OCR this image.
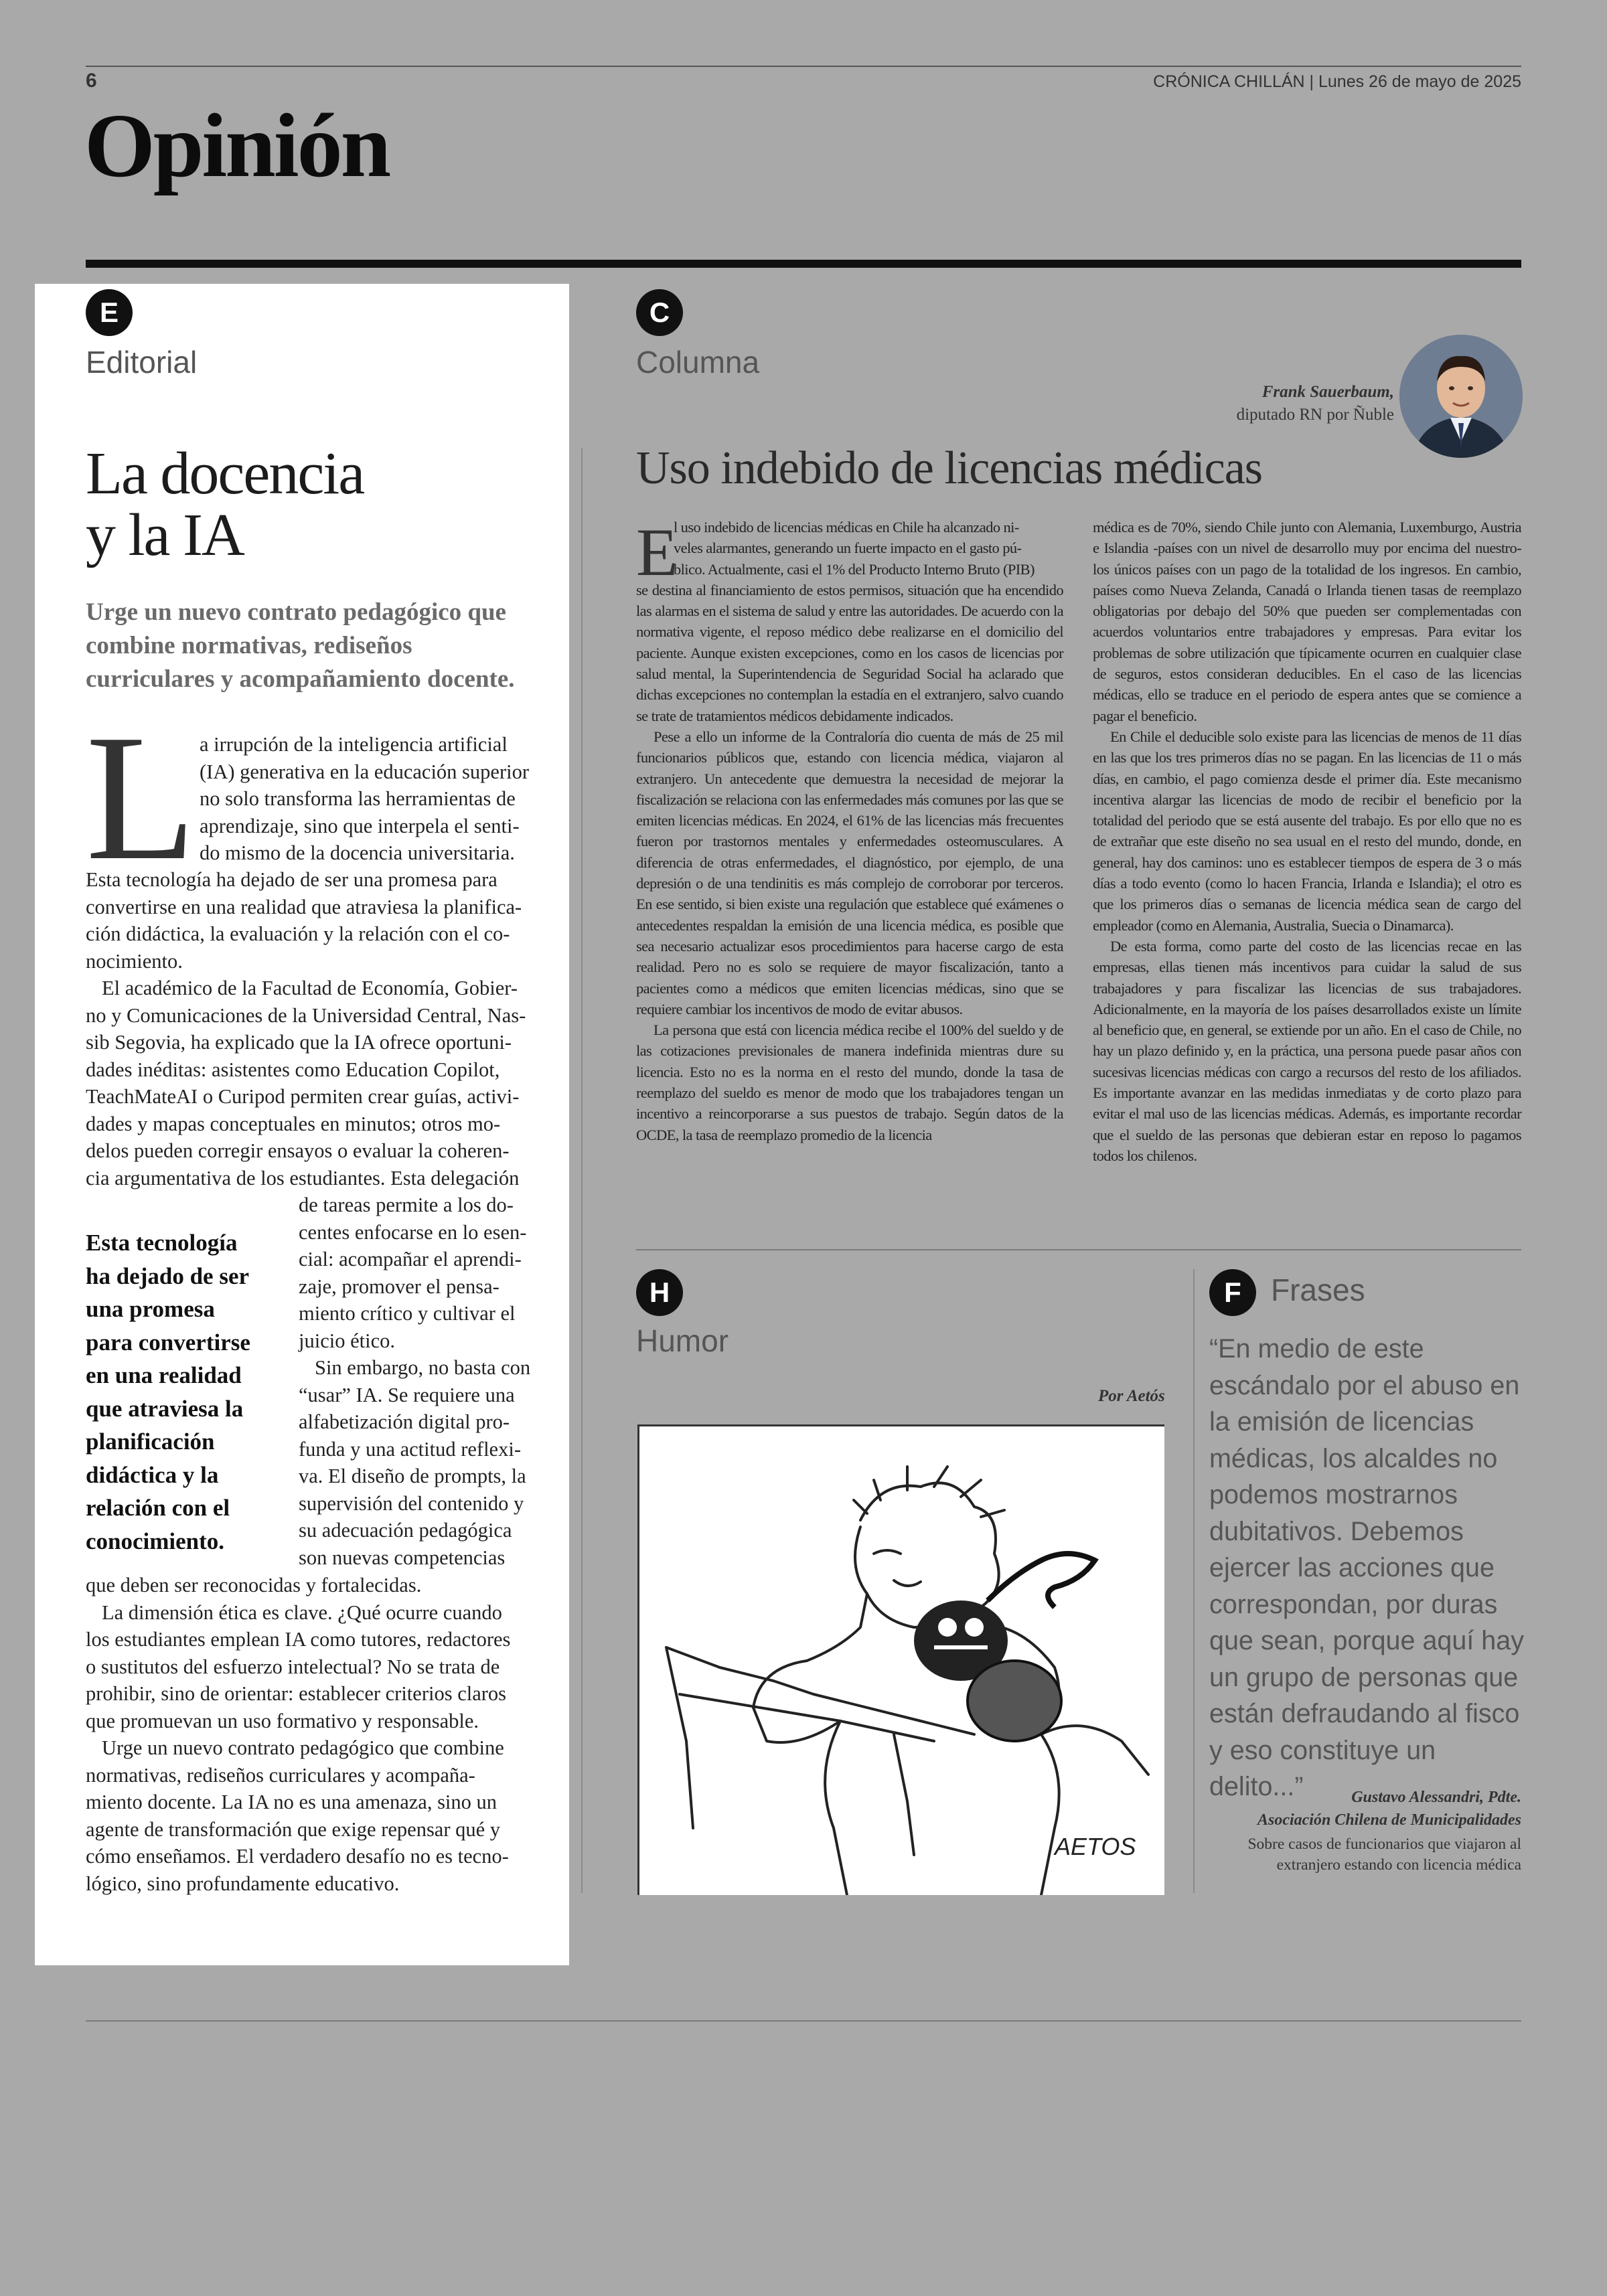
6	CRÓNICA CHILLÁN | Lunes 26 de mayo de 2025
Opinión
E
Editorial
La docencia
y la IA
Urge un nuevo contrato pedagógico que
combine normativas, rediseños
curriculares y acompañamiento docente.
L a irrupción de la inteligencia artificial
(IA) generativa en la educación superior
no solo transforma las herramientas de
aprendizaje, sino que interpela el senti-
do mismo de la docencia universitaria.
Esta tecnología ha dejado de ser una promesa para
convertirse en una realidad que atraviesa la planifica-
ción didáctica, la evaluación y la relación con el co-
nocimiento.
El académico de la Facultad de Economía, Gobier-
no y Comunicaciones de la Universidad Central, Nas-
sib Segovia, ha explicado que la IA ofrece oportuni-
dades inéditas: asistentes como Education Copilot,
TeachMateAI o Curipod permiten crear guías, activi-
dades y mapas conceptuales en minutos; otros mo-
delos pueden corregir ensayos o evaluar la coheren-
cia argumentativa de los estudiantes. Esta delegación
Esta tecnología
ha dejado de ser
una promesa
para convertirse
en una realidad
que atraviesa la
planificación
didáctica y la
relación con el
conocimiento.
de tareas permite a los do-
centes enfocarse en lo esen-
cial: acompañar el aprendi-
zaje, promover el pensa-
miento crítico y cultivar el
juicio ético.
Sin embargo, no basta con
“usar” IA. Se requiere una
alfabetización digital pro-
funda y una actitud reflexi-
va. El diseño de prompts, la
supervisión del contenido y
su adecuación pedagógica
son nuevas competencias
que deben ser reconocidas y fortalecidas.
La dimensión ética es clave. ¿Qué ocurre cuando
los estudiantes emplean IA como tutores, redactores
o sustitutos del esfuerzo intelectual? No se trata de
prohibir, sino de orientar: establecer criterios claros
que promuevan un uso formativo y responsable.
Urge un nuevo contrato pedagógico que combine
normativas, rediseños curriculares y acompaña-
miento docente. La IA no es una amenaza, sino un
agente de transformación que exige repensar qué y
cómo enseñamos. El verdadero desafío no es tecno-
lógico, sino profundamente educativo.
C
Columna
Frank Sauerbaum,
diputado RN por Ñuble
Uso indebido de licencias médicas
E
l uso indebido de licencias médicas en Chile ha alcanzado ni-
veles alarmantes, generando un fuerte impacto en el gasto pú-
blico. Actualmente, casi el 1% del Producto Interno Bruto (PIB)

se destina al financiamiento de estos permisos, situación que ha encendido las alarmas en el sistema de salud y entre las autoridades. De acuerdo con la normativa vigente, el reposo médico debe realizarse en el domicilio del paciente. Aunque existen excepciones, como en los casos de licencias por salud mental, la Superintendencia de Seguridad Social ha aclarado que dichas excepciones no contemplan la estadía en el extranjero, salvo cuando se trate de tratamientos médicos debidamente indicados.

Pese a ello un informe de la Contraloría dio cuenta de más de 25 mil funcionarios públicos que, estando con licencia médica, viajaron al extranjero. Un antecedente que demuestra la necesidad de mejorar la fiscalización se relaciona con las enfermedades más comunes por las que se emiten licencias médicas. En 2024, el 61% de las licencias más frecuentes fueron por trastornos mentales y enfermedades osteomusculares. A diferencia de otras enfermedades, el diagnóstico, por ejemplo, de una depresión o de una tendinitis es más complejo de corroborar por terceros. En ese sentido, si bien existe una regulación que establece qué exámenes o antecedentes respaldan la emisión de una licencia médica, es posible que sea necesario actualizar esos procedimientos para hacerse cargo de esta realidad. Pero no es solo se requiere de mayor fiscalización, tanto a pacientes como a médicos que emiten licencias médicas, sino que se requiere cambiar los incentivos de modo de evitar abusos.

La persona que está con licencia médica recibe el 100% del sueldo y de las cotizaciones previsionales de manera indefinida mientras dure su licencia. Esto no es la norma en el resto del mundo, donde la tasa de reemplazo del sueldo es menor de modo que los trabajadores tengan un incentivo a reincorporarse a sus puestos de trabajo. Según datos de la OCDE, la tasa de reemplazo promedio de la licencia

médica es de 70%, siendo Chile junto con Alemania, Luxemburgo, Austria e Islandia -países con un nivel de desarrollo muy por encima del nuestro- los únicos países con un pago de la totalidad de los ingresos. En cambio, países como Nueva Zelanda, Canadá o Irlanda tienen tasas de reemplazo obligatorias por debajo del 50% que pueden ser complementadas con acuerdos voluntarios entre trabajadores y empresas. Para evitar los problemas de sobre utilización que típicamente ocurren en cualquier clase de seguros, estos consideran deducibles. En el caso de las licencias médicas, ello se traduce en el periodo de espera antes que se comience a pagar el beneficio.

En Chile el deducible solo existe para las licencias de menos de 11 días en las que los tres primeros días no se pagan. En las licencias de 11 o más días, en cambio, el pago comienza desde el primer día. Este mecanismo incentiva alargar las licencias de modo de recibir el beneficio por la totalidad del periodo que se está ausente del trabajo. Es por ello que no es de extrañar que este diseño no sea usual en el resto del mundo, donde, en general, hay dos caminos: uno es establecer tiempos de espera de 3 o más días a todo evento (como lo hacen Francia, Irlanda e Islandia); el otro es que los primeros días o semanas de licencia médica sean de cargo del empleador (como en Alemania, Australia, Suecia o Dinamarca).

De esta forma, como parte del costo de las licencias recae en las empresas, ellas tienen más incentivos para cuidar la salud de sus trabajadores y para fiscalizar las licencias de sus trabajadores. Adicionalmente, en la mayoría de los países desarrollados existe un límite al beneficio que, en general, se extiende por un año. En el caso de Chile, no hay un plazo definido y, en la práctica, una persona puede pasar años con sucesivas licencias médicas con cargo a recursos del resto de los afiliados. Es importante avanzar en las medidas inmediatas y de corto plazo para evitar el mal uso de las licencias médicas. Además, es importante recordar que el sueldo de las personas que debieran estar en reposo lo pagamos todos los chilenos.

H
Humor
Por Aetós
AETOS
F Frases
“En medio de este
escándalo por el abuso en
la emisión de licencias
médicas, los alcaldes no
podemos mostrarnos
dubitativos. Debemos
ejercer las acciones que
correspondan, por duras
que sean, porque aquí hay
un grupo de personas que
están defraudando al fisco
y eso constituye un delito...”	Gustavo Alessandri, Pdte.
Asociación Chilena de Municipalidades
Sobre casos de funcionarios que viajaron al
extranjero estando con licencia médica
